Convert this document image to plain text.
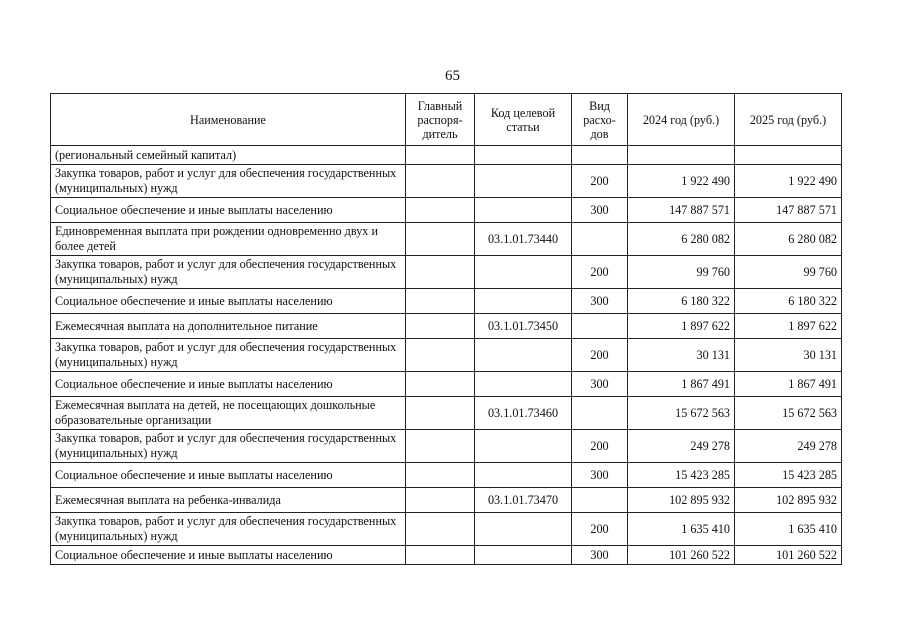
65
Наименование	Главный распоря-дитель	Код целевой статьи	Вид расхо-дов	2024 год (руб.)	2025 год (руб.)
(региональный семейный капитал)					
Закупка товаров, работ и услуг для обеспечения государственных (муниципальных) нужд			200	1 922 490	1 922 490
Социальное обеспечение и иные выплаты населению			300	147 887 571	147 887 571
Единовременная выплата при рождении одновременно двух и более детей		03.1.01.73440		6 280 082	6 280 082
Закупка товаров, работ и услуг для обеспечения государственных (муниципальных) нужд			200	99 760	99 760
Социальное обеспечение и иные выплаты населению			300	6 180 322	6 180 322
Ежемесячная выплата на дополнительное питание		03.1.01.73450		1 897 622	1 897 622
Закупка товаров, работ и услуг для обеспечения государственных (муниципальных) нужд			200	30 131	30 131
Социальное обеспечение и иные выплаты населению			300	1 867 491	1 867 491
Ежемесячная выплата на детей, не посещающих дошкольные образовательные организации		03.1.01.73460		15 672 563	15 672 563
Закупка товаров, работ и услуг для обеспечения государственных (муниципальных) нужд			200	249 278	249 278
Социальное обеспечение и иные выплаты населению			300	15 423 285	15 423 285
Ежемесячная выплата на ребенка-инвалида		03.1.01.73470		102 895 932	102 895 932
Закупка товаров, работ и услуг для обеспечения государственных (муниципальных) нужд			200	1 635 410	1 635 410
Социальное обеспечение и иные выплаты населению			300	101 260 522	101 260 522
